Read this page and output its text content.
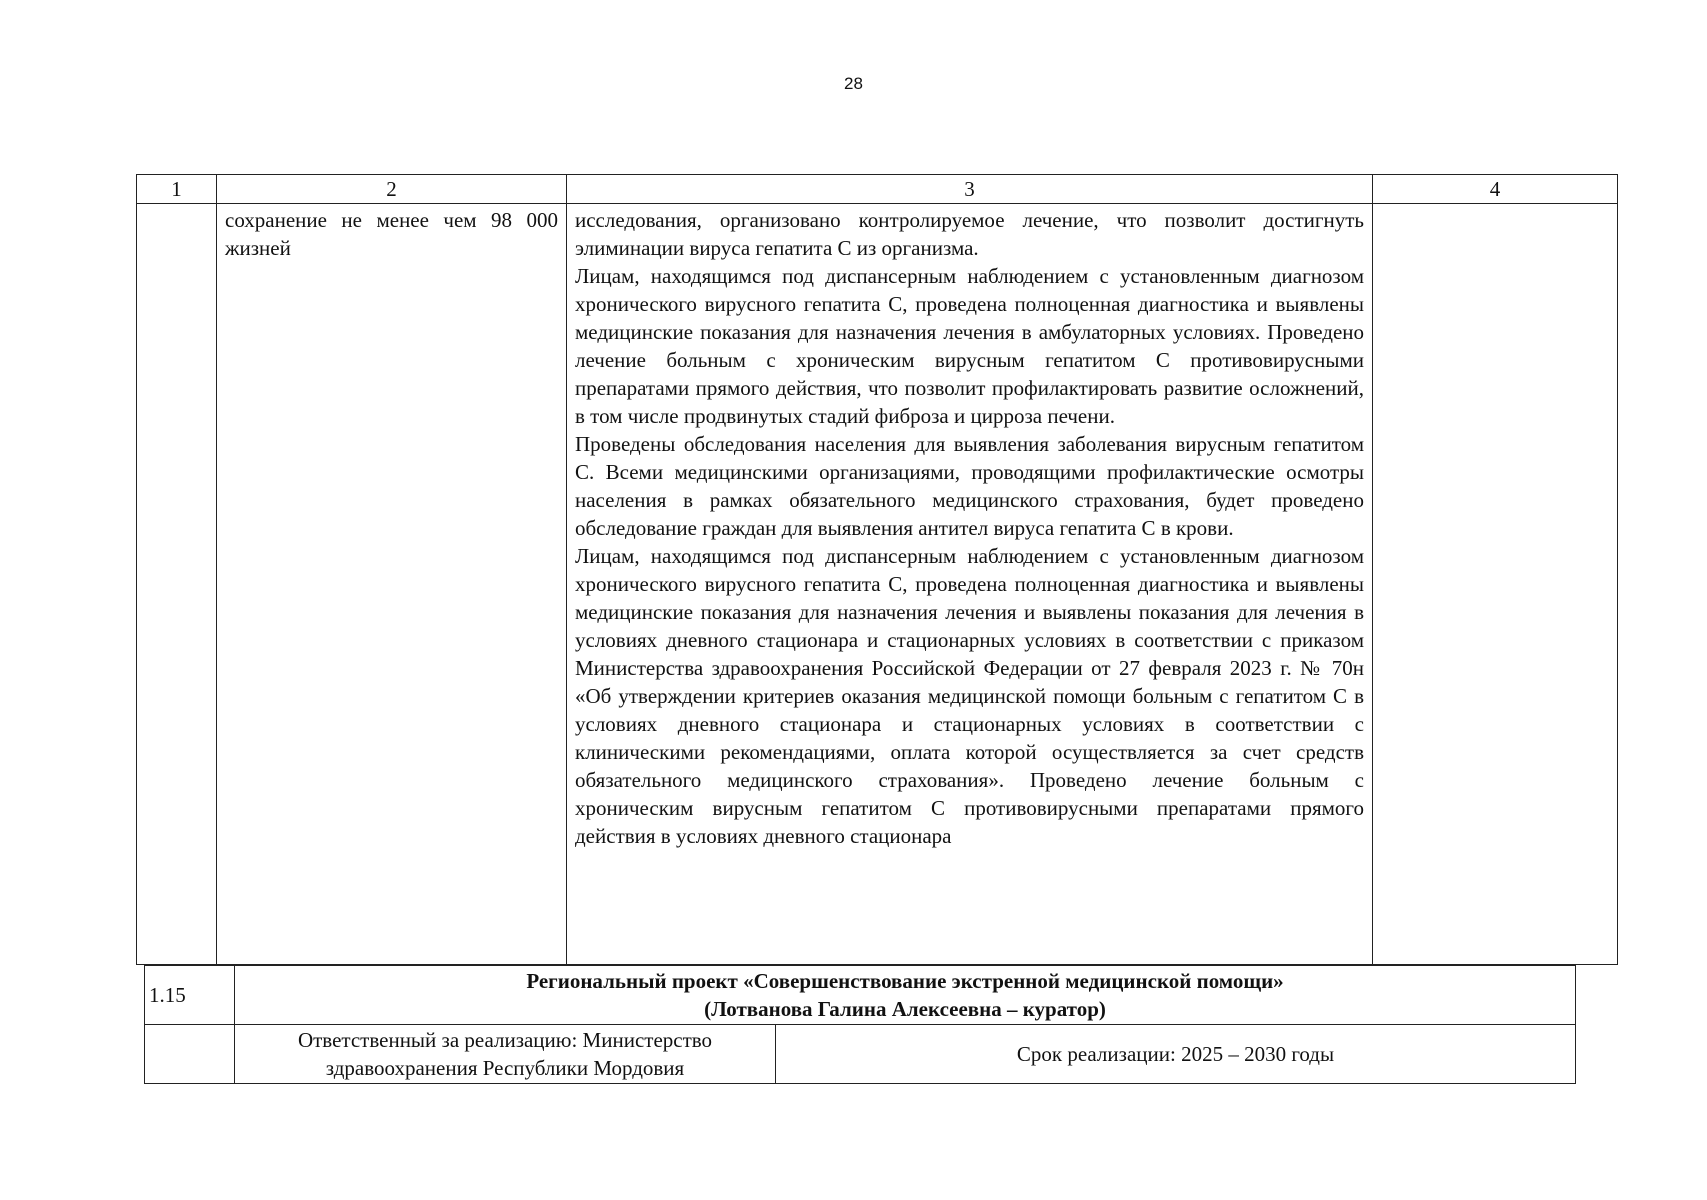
28
1	2	3	4

	сохранение не менее чем 98 000 жизней	исследования, организовано контролируемое лечение, что позволит достигнуть элиминации вируса гепатита С из организма.

Лицам, находящимся под диспансерным наблюдением с установленным диагнозом хронического вирусного гепатита С, проведена полноценная диагностика и выявлены медицинские показания для назначения лечения в амбулаторных условиях. Проведено лечение больным с хроническим вирусным гепатитом С противовирусными препаратами прямого действия, что позволит профилактировать развитие осложнений, в том числе продвинутых стадий фиброза и цирроза печени.

Проведены обследования населения для выявления заболевания вирусным гепатитом С. Всеми медицинскими организациями, проводящими профилактические осмотры населения в рамках обязательного медицинского страхования, будет проведено обследование граждан для выявления антител вируса гепатита С в крови.

Лицам, находящимся под диспансерным наблюдением с установленным диагнозом хронического вирусного гепатита С, проведена полноценная диагностика и выявлены медицинские показания для назначения лечения и выявлены показания для лечения в условиях дневного стационара и стационарных условиях в соответствии с приказом Министерства здравоохранения Российской Федерации от 27 февраля 2023 г. № 70н «Об утверждении критериев оказания медицинской помощи больным с гепатитом С в условиях дневного стационара и стационарных условиях в соответствии с клиническими рекомендациями, оплата которой осуществляется за счет средств обязательного медицинского страхования». Проведено лечение больным с хроническим вирусным гепатитом С противовирусными препаратами прямого действия в условиях дневного стационара	

1.15	Региональный проект «Совершенствование экстренной медицинской помощи»
(Лотванова Галина Алексеевна – куратор)	

	Ответственный за реализацию: Министерство
здравоохранения Республики Мордовия	Срок реализации: 2025 – 2030 годы
